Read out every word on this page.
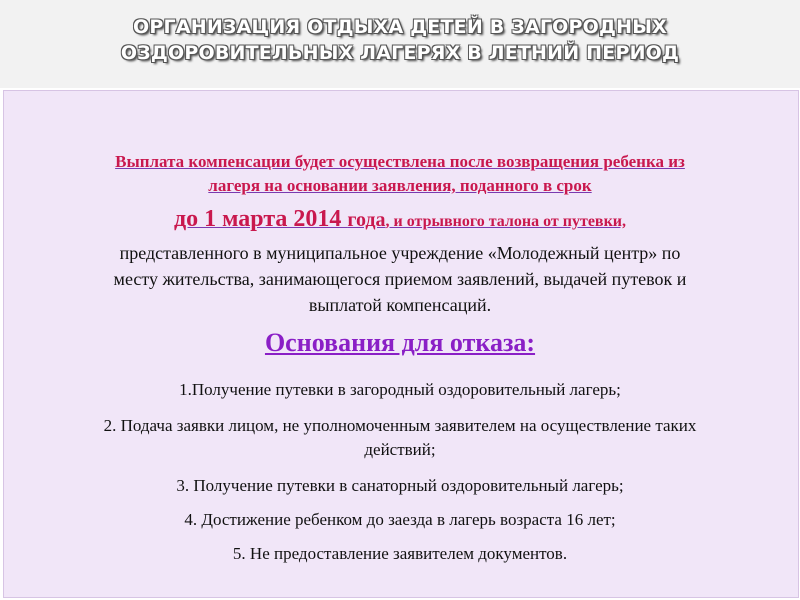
ОРГАНИЗАЦИЯ ОТДЫХА ДЕТЕЙ В ЗАГОРОДНЫХ
ОЗДОРОВИТЕЛЬНЫХ ЛАГЕРЯХ В ЛЕТНИЙ ПЕРИОД
Выплата компенсации будет осуществлена после возвращения ребенка из
лагеря на основании заявления, поданного в срок
до 1 марта 2014 года, и отрывного талона от путевки,
представленного в муниципальное учреждение «Молодежный центр» по
месту жительства, занимающегося приемом заявлений, выдачей путевок и
выплатой компенсаций.
Основания для отказа:
1.Получение путевки в загородный оздоровительный лагерь;
2. Подача заявки лицом, не уполномоченным заявителем на осуществление таких
действий;
3. Получение путевки в санаторный оздоровительный лагерь;
4. Достижение ребенком до заезда в лагерь возраста 16 лет;
5. Не предоставление заявителем документов.
